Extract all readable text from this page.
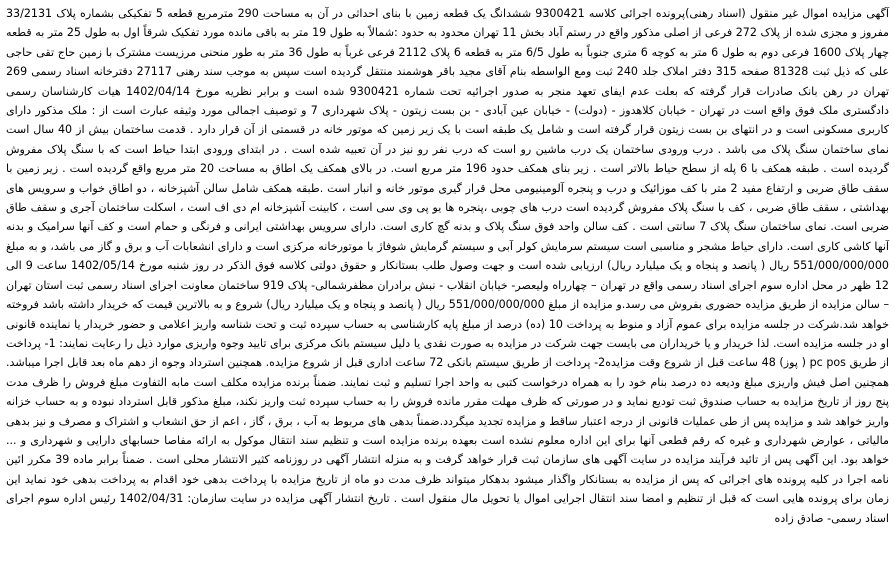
آگهی مزایده اموال غیر منقول (اسناد رهنی)پرونده اجرائی کلاسه 9300421 ششدانگ یک قطعه زمین با بنای احداثی در آن به مساحت 290 مترمربع قطعه 5 تفکیکی بشماره پلاک 33/2131 مفروز و مجزی شده از پلاک 272 فرعی از اصلی مذکور واقع در رستم آباد بخش 11 تهران محدود به حدود :شمالاً به طول 19 متر به باقی مانده مورد تفکیک شرقاً اول به طول 25 متر به قطعه چهار پلاک 1600 فرعی دوم به طول 6 متر به کوچه 6 متری جنوباً به طول 6/5 متر به قطعه 6 پلاک 2112 فرعی غرباً به طول 36 متر به طور منحنی مرزیست مشترک با زمین حاج تقی حاجی علی که ذیل ثبت 81328 صفحه 315 دفتر املاک جلد 240 ثبت ومع الواسطه بنام آقای مجید باقر هوشمند منتقل گردیده است سپس به موجب سند رهنی 27117 دفترخانه اسناد رسمی 269 تهران در رهن بانک صادرات قرار گرفته که بعلت عدم ایفای تعهد منجر به صدور اجرائیه تحت شماره 9300421 شده است و برابر نظریه مورخ 1402/04/14 هیات کارشناسان رسمی دادگستری ملک فوق واقع است در تهران - خیابان کلاهدوز - (دولت) - خیابان عین آبادی - بن بست زیتون - پلاک شهرداری 7 و توصیف اجمالی مورد وثیقه عبارت است از : ملک مذکور دارای کاربری مسکونی است و در انتهای بن بست زیتون قرار گرفته است و شامل یک طبقه است با یک زیر زمین که موتور خانه در قسمتی از آن قرار دارد . قدمت ساختمان بیش از 40 سال است نمای ساختمان سنگ پلاک می باشد . درب ورودی ساختمان یک درب ماشین رو است که درب نفر رو نیز در آن تعبیه شده است . در ابتدای ورودی ابتدا حیاط است که با سنگ پلاک مفروش گردیده است . طبقه همکف با 6 پله از سطح حیاط بالاتر است . زیر بنای همکف حدود 196 متر مربع است. در بالای همکف یک اطاق به مساحت 20 متر مربع واقع گردیده است . زیر زمین با سقف طاق ضربی و ارتفاع مفید 2 متر با کف موزائیک و درب و پنجره آلومینیومی محل قرار گیری موتور خانه و انبار است .طبقه همکف شامل سالن آشپزخانه ، دو اطاق خواب و سرویس های بهداشتی ، سقف طاق ضربی ، کف با سنگ پلاک مفروش گردیده است درب های چوبی ،پنجره ها یو پی وی سی است ، کابینت آشپزخانه ام دی اف است ، اسکلت ساختمان آجری و سقف طاق ضربی است. نمای ساختمان سنگ پلاک 7 سانتی است . کف سالن واحد فوق سنگ پلاک و بدنه گچ کاری است. دارای سرویس بهداشتی ایرانی و فرنگی و حمام است و کف آنها سرامیک و بدنه آنها کاشی کاری است. دارای حیاط مشجر و مناسبی است سیستم سرمایش کولر آبی و سیستم گرمایش شوفاژ با موتورخانه مرکزی است و دارای انشعابات آب و برق و گاز می باشد، و به مبلغ 551/000/000/000 ریال ( پانصد و پنجاه و یک میلیارد ریال) ارزیابی شده است و جهت وصول طلب بستانکار و حقوق دولتی کلاسه فوق الذکر در روز شنبه مورخ 1402/05/14 ساعت 9 الی 12 ظهر در محل اداره سوم اجرای اسناد رسمی واقع در تهران – چهارراه ولیعصر- خیابان انقلاب - نبش برادران مظفرشمالی- پلاک 919 ساختمان معاونت اجرای اسناد رسمی ثبت استان تهران – سالن مزایده از طریق مزایده حضوری بفروش می رسد.و مزایده از مبلغ 551/000/000/000 ریال ( پانصد و پنجاه و یک میلیارد ریال) شروع و به بالاترین قیمت که خریدار داشته باشد فروخته خواهد شد.شرکت در جلسه مزایده برای عموم آزاد و منوط به پرداخت 10 (ده) درصد از مبلغ پایه کارشناسی به حساب سپرده ثبت و تحت شناسه واریز اعلامی و حضور خریدار یا نماینده قانونی او در جلسه مزایده است. لذا خریدار و یا خریداران می بایست جهت شرکت در مزایده به صورت نقدی یا دلیل سیستم بانک مرکزی برای تایید وجوه واریزی موارد ذیل را رعایت نمایند: 1- پرداخت از طریق pc pos ( پوز) 48 ساعت قبل از شروع وقت مزایده2- پرداخت از طریق سیستم بانکی 72 ساعت اداری قبل از شروع مزایده. همچنین استرداد وجوه از دهم ماه بعد قابل اجرا میباشد. همچنین اصل فیش واریزی مبلغ ودیعه ده درصد بنام خود را به همراه درخواست کتبی به واحد اجرا تسلیم و ثبت نمایند. ضمناً برنده مزایده مکلف است مابه التفاوت مبلغ فروش را ظرف مدت پنج روز از تاریخ مزایده به حساب صندوق ثبت تودیع نماید و در صورتی که ظرف مهلت مقرر مانده فروش را به حساب سپرده ثبت واریز نکند، مبلغ مذکور قابل استرداد نبوده و به حساب خزانه واریز خواهد شد و مزایده پس از طی عملیات قانونی از درجه اعتبار ساقط و مزایده تجدید میگردد.ضمناً بدهی های مربوط به آب ، برق ، گاز ، اعم از حق انشعاب و اشتراک و مصرف و نیز بدهی مالیاتی ، عوارض شهرداری و غیره که رقم قطعی آنها برای این اداره معلوم نشده است بعهده برنده مزایده است و تنظیم سند انتقال موکول به ارائه مفاصا حسابهای دارایی و شهرداری و ... خواهد بود. این آگهی پس از تائید فرآیند مزایده در سایت آگهی های سازمان ثبت قرار خواهد گرفت و به منزله انتشار آگهی در روزنامه کثیر الانتشار محلی است . ضمناً برابر ماده 39 مکرر ائین نامه اجرا در کلیه پرونده های اجرائی که پس از مزایده به بستانکار واگذار میشود بدهکار میتواند ظرف مدت دو ماه از تاریخ مزایده با پرداخت بدهی خود اقدام به پرداخت بدهی خود نماید این زمان برای پرونده هایی است که قبل از تنظیم و امضا سند انتقال اجرایی اموال یا تحویل مال منقول است . تاریخ انتشار آگهی مزایده در سایت سازمان: 1402/04/31 رئیس اداره سوم اجرای اسناد رسمی- صادق زاده
